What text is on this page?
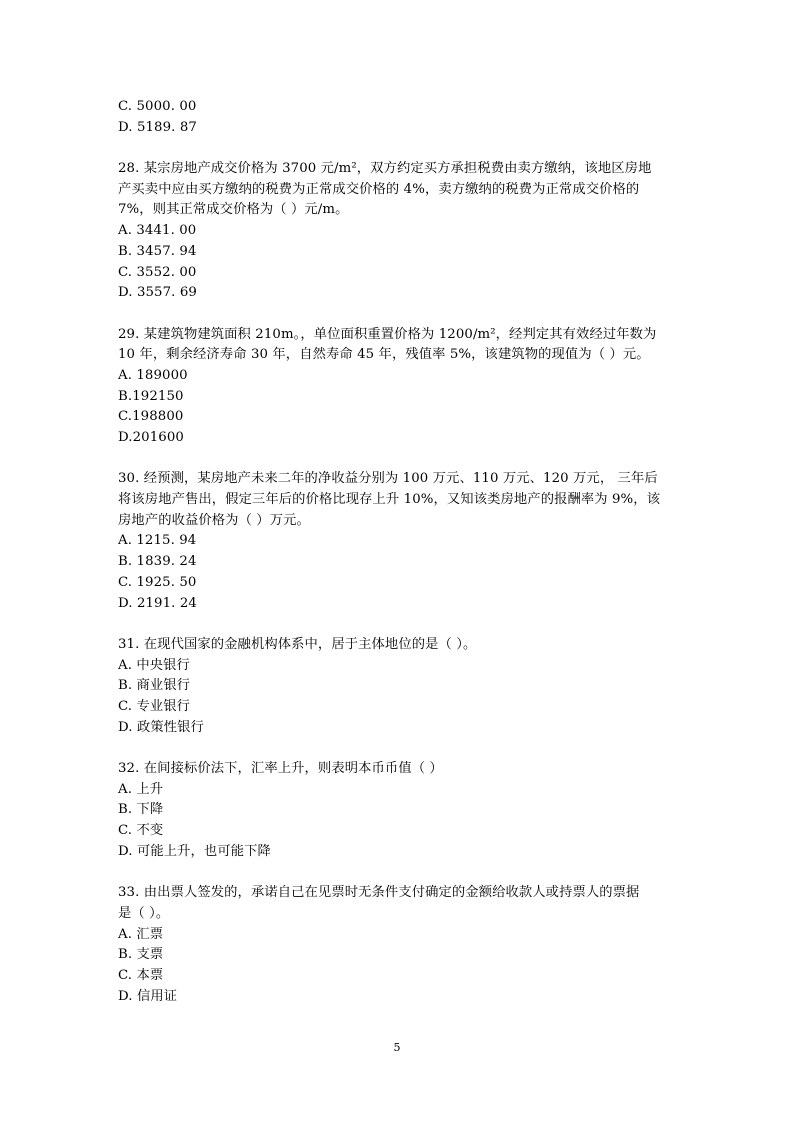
C. 5000. 00
D. 5189. 87
28. 某宗房地产成交价格为 3700 元/m²，双方约定买方承担税费由卖方缴纳，该地区房地
产买卖中应由买方缴纳的税费为正常成交价格的 4%，卖方缴纳的税费为正常成交价格的
7%，则其正常成交价格为（ ）元/m。
A. 3441. 00
B. 3457. 94
C. 3552. 00
D. 3557. 69
29. 某建筑物建筑面积 210m。，单位面积重置价格为 1200/m²，经判定其有效经过年数为
10 年，剩余经济寿命 30 年，自然寿命 45 年，残值率 5%，该建筑物的现值为（ ）元。
A. 189000
B.192150
C.198800
D.201600
30. 经预测，某房地产未来二年的净收益分别为 100 万元、110 万元、120 万元， 三年后
将该房地产售出，假定三年后的价格比现存上升 10%，又知该类房地产的报酬率为 9%，该
房地产的收益价格为（ ）万元。
A. 1215. 94
B. 1839. 24
C. 1925. 50
D. 2191. 24
31. 在现代国家的金融机构体系中，居于主体地位的是（ ）。
A. 中央银行
B. 商业银行
C. 专业银行
D. 政策性银行
32. 在间接标价法下，汇率上升，则表明本币币值（ ）
A. 上升
B. 下降
C. 不变
D. 可能上升，也可能下降
33. 由出票人签发的，承诺自己在见票时无条件支付确定的金额给收款人或持票人的票据
是（ ）。
A. 汇票
B. 支票
C. 本票
D. 信用证
5
